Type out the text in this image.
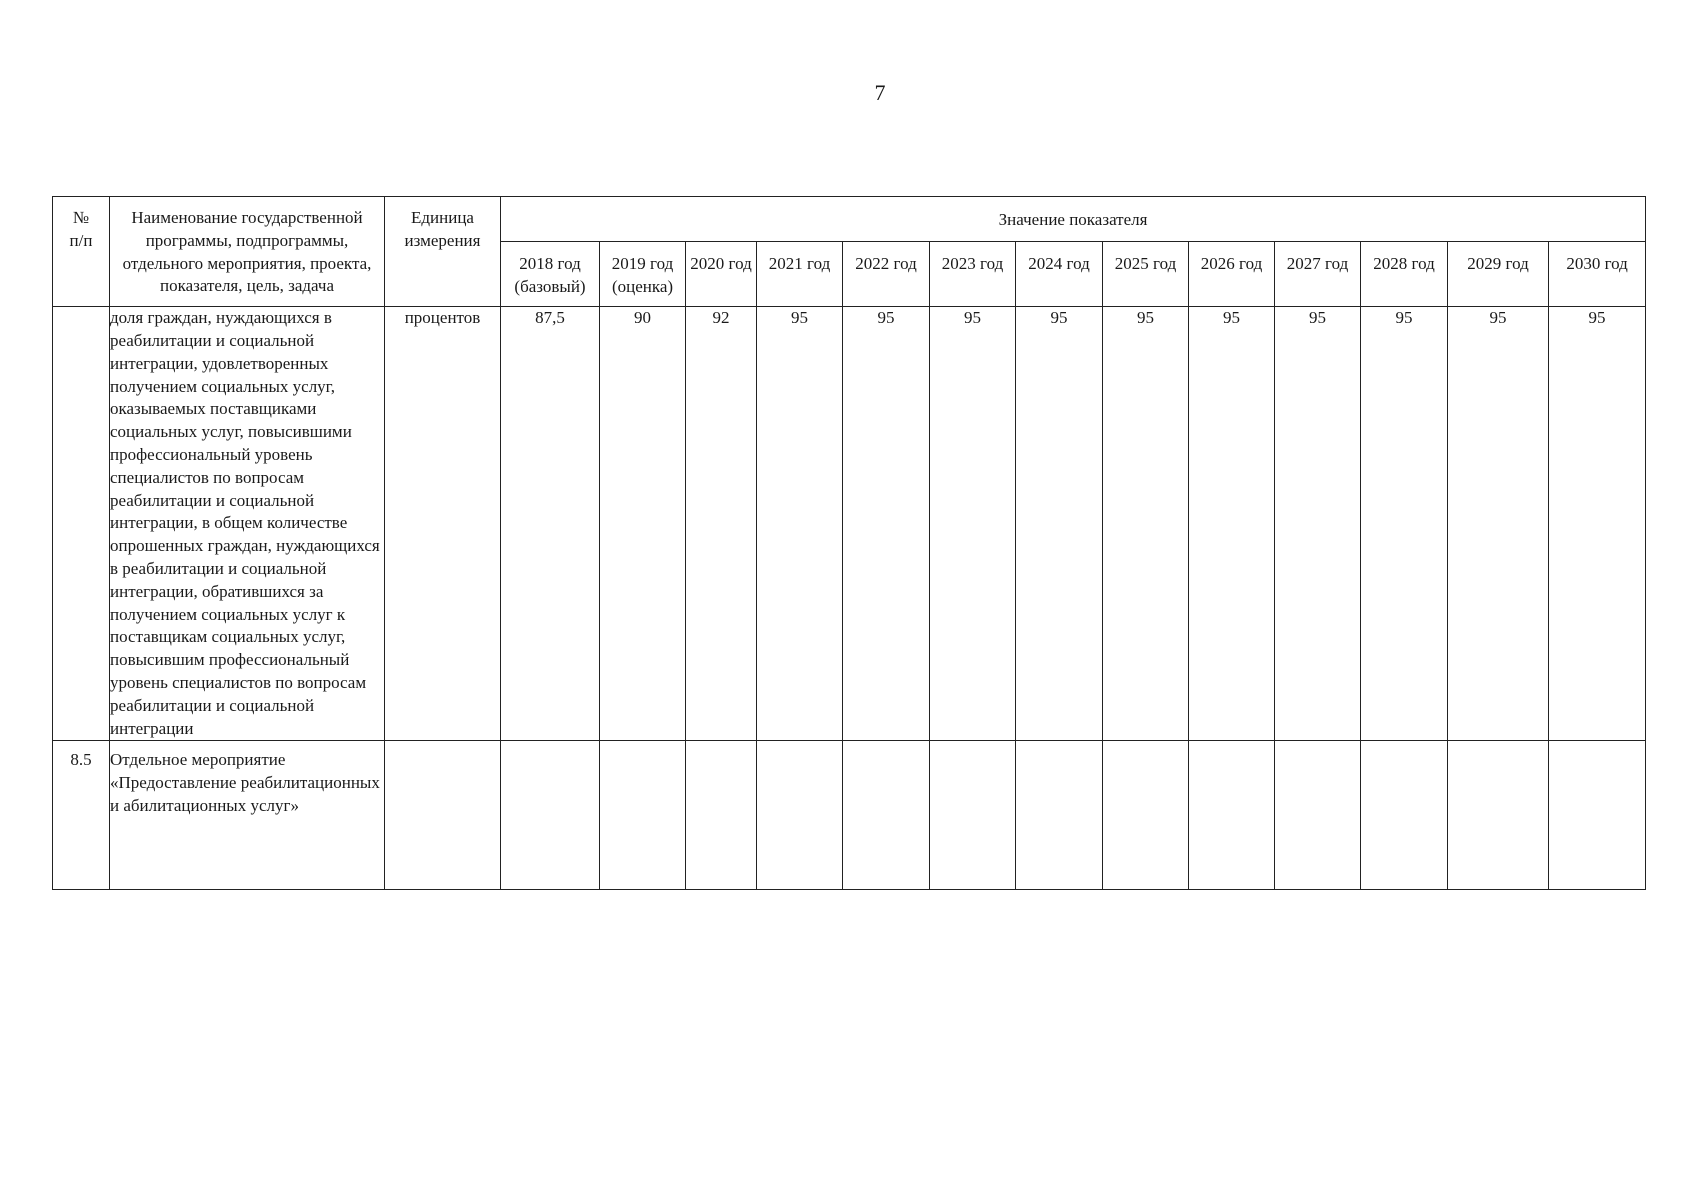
7
№ п/п	Наименование государственной программы, подпрограммы, отдельного мероприятия, проекта, показателя, цель, задача	Единица измерения	Значение показателя												

			2018 год (базовый)	2019 год (оценка)	2020 год	2021 год	2022 год	2023 год	2024 год	2025 год	2026 год	2027 год	2028 год	2029 год	2030 год

	доля граждан, нуждающихся в реабилитации и социальной интеграции, удовлетворенных получением социальных услуг, оказываемых поставщиками социальных услуг, повысившими профессиональный уровень специалистов по вопросам реабилитации и социальной интеграции, в общем количестве опрошенных граждан, нуждающихся в реабилитации и социальной интеграции, обратившихся за получением социальных услуг к поставщикам социальных услуг, повысившим профессиональный уровень специалистов по вопросам реабилитации и социальной интеграции	процентов	87,5	90	92	95	95	95	95	95	95	95	95	95	95
8.5	Отдельное мероприятие «Предоставление реабилитационных и абилитационных услуг»														
